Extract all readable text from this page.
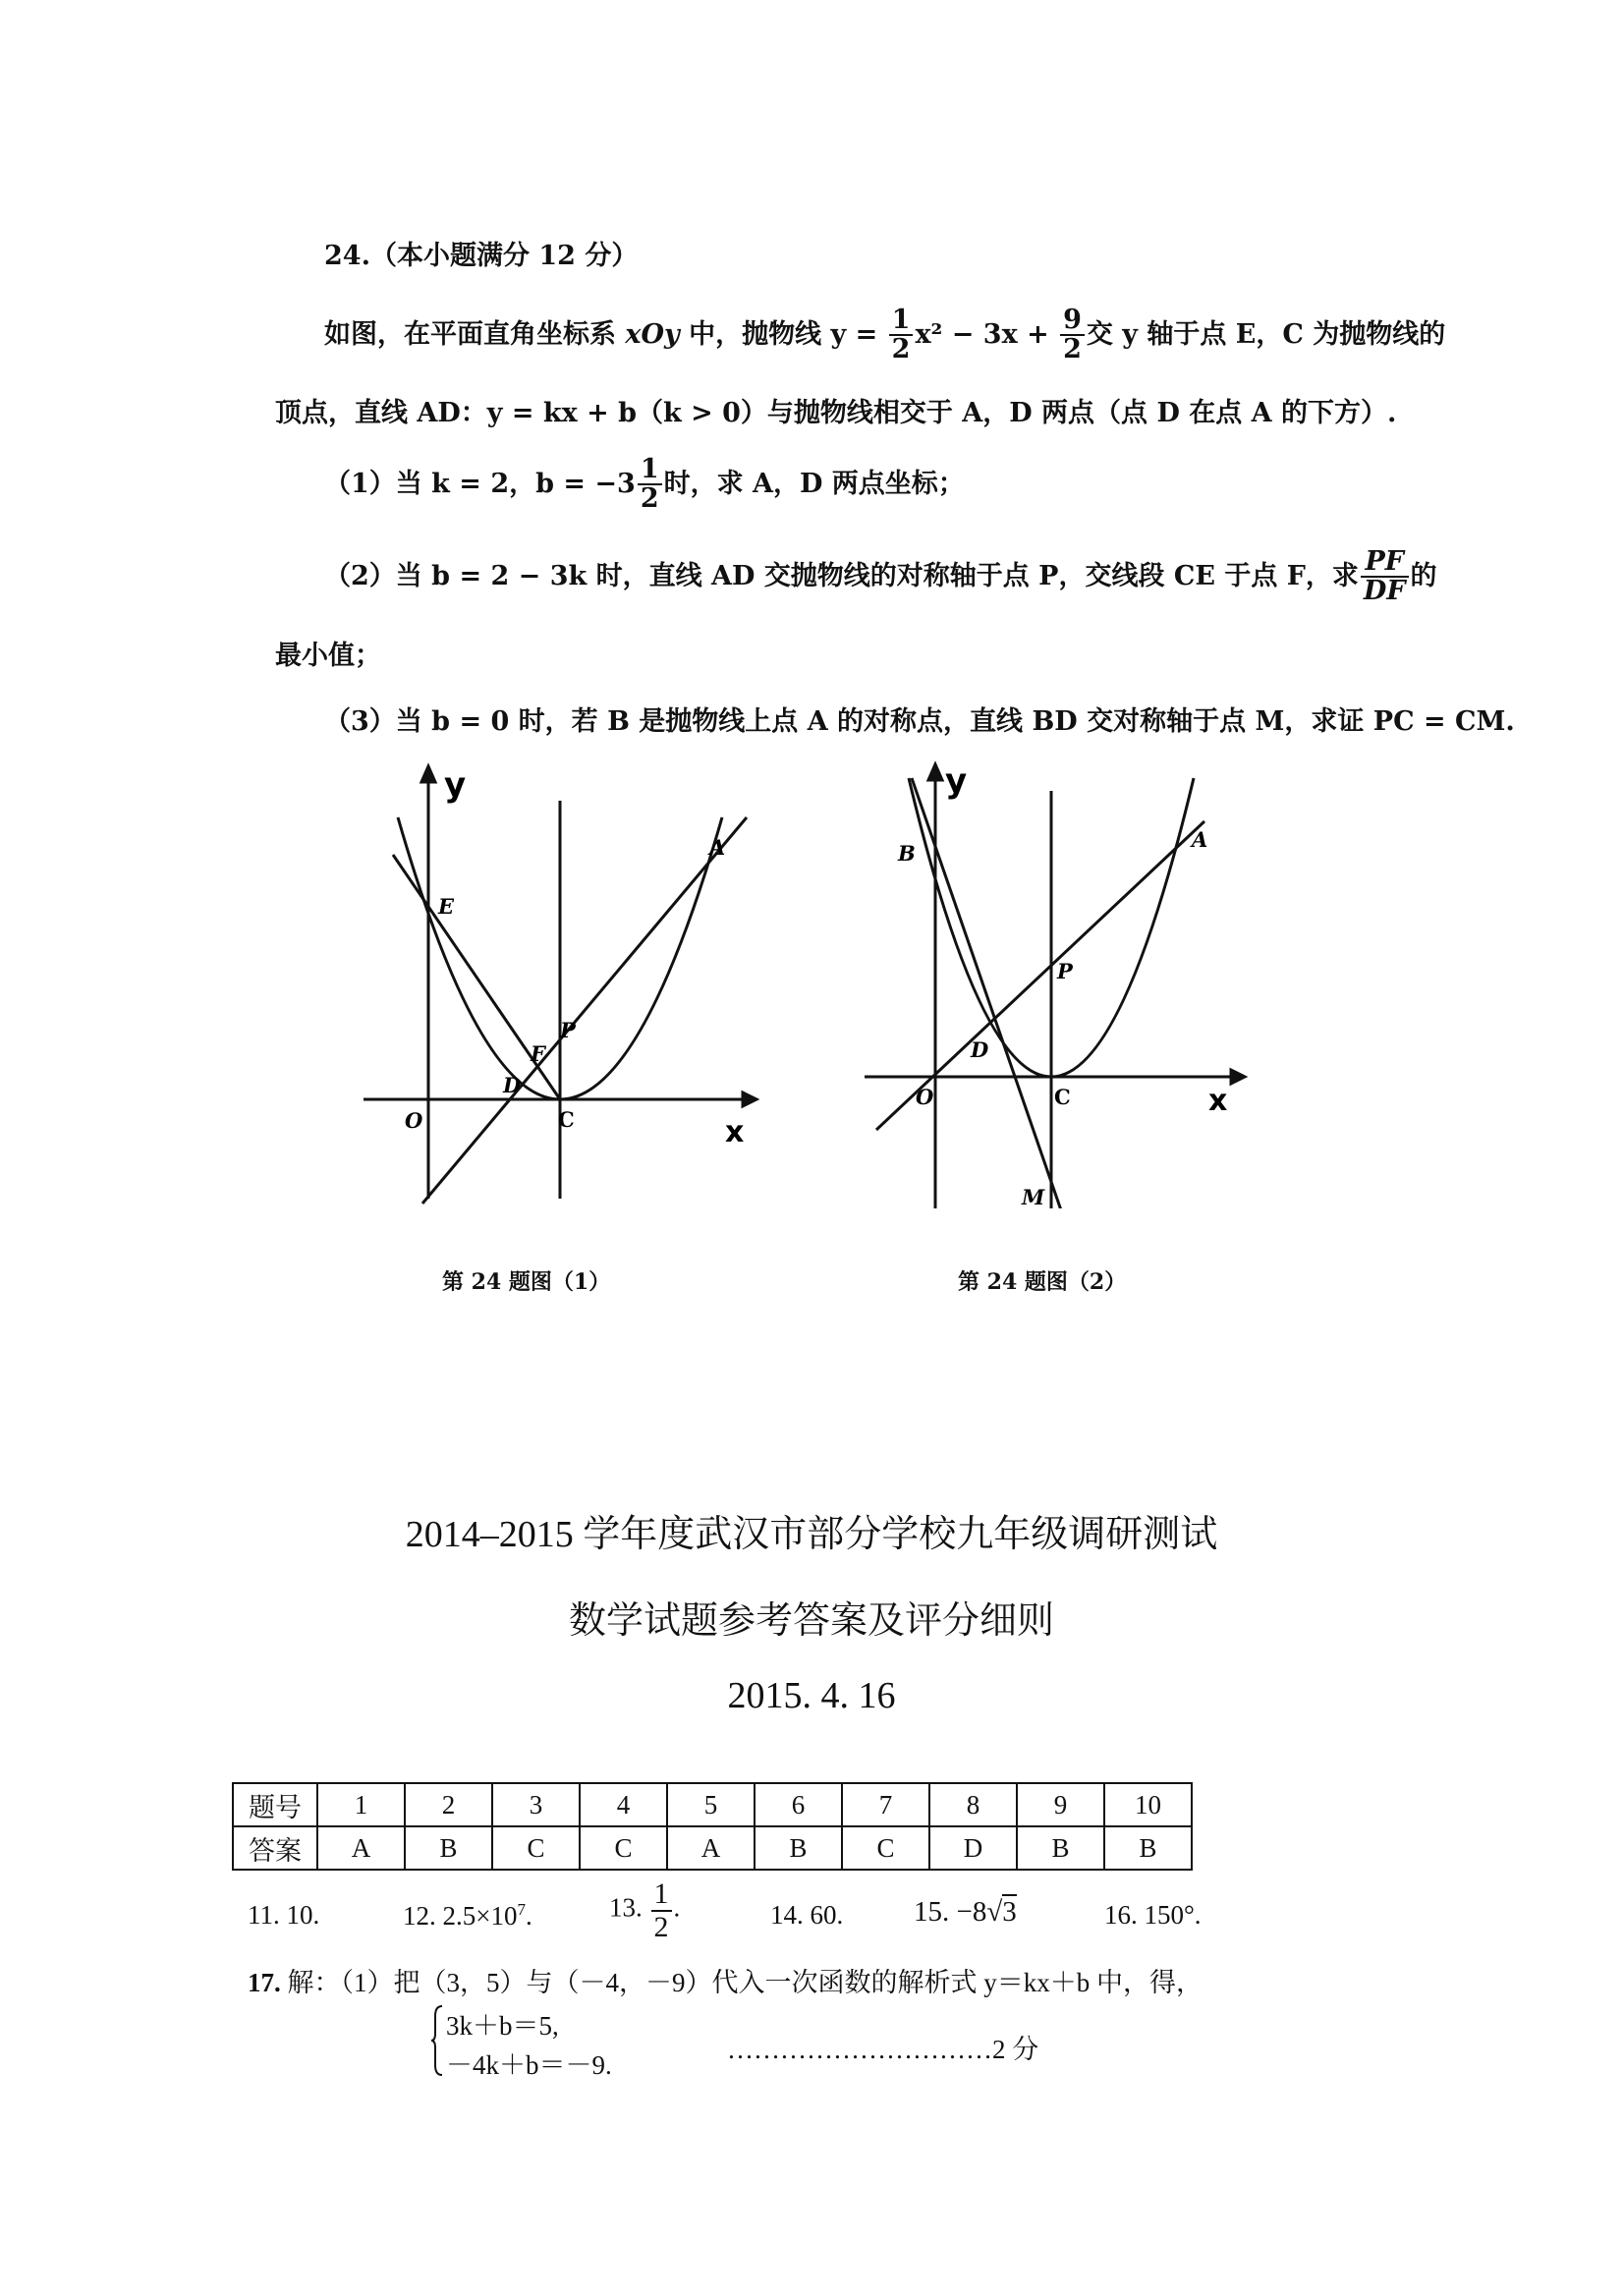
24.（本小题满分 12 分）
如图，在平面直角坐标系 xOy 中，抛物线 $y = \frac{1}{2} x^2 - 3x + \frac{9}{2}$ 交 y 轴于点 E，C 为抛物线的
顶点，直线 AD：y = kx + b（k > 0）与抛物线相交于 A，D 两点（点 D 在点 A 的下方）.
（1）当 k = 2，$b = -3 \frac{1}{2}$ 时，求 A，D 两点坐标；
（2）当 b = 2 − 3k 时，直线 AD 交抛物线的对称轴于点 P，交线段 CE 于点 F，求 $\frac{PF}{DF}$ 的
最小值；
（3）当 b = 0 时，若 B 是抛物线上点 A 的对称点，直线 BD 交对称轴于点 M，求证 PC = CM.
y
x
O
E
A
P
F
D
C
第 24 题图（1）
y
x
O
B
A
P
D
C
M
第 24 题图（2）
2014–2015 学年度武汉市部分学校九年级调研测试
数学试题参考答案及评分细则
2015. 4. 16
题号	1	2	3	4	5	6	7	8	9	10
答案	A	B	C	C	A	B	C	D	B	B
11. 10.	12. $2.5\times 10^7$.	13. $\frac{1}{2}$ .	14. 60. 15. −8√3	16. 150°.
17. 解：（1）把（3，5）与（－4，－9）代入一次函数的解析式 y＝kx＋b 中，得，
3k＋b＝5,
－4k＋b＝－9.
…………………………2 分
